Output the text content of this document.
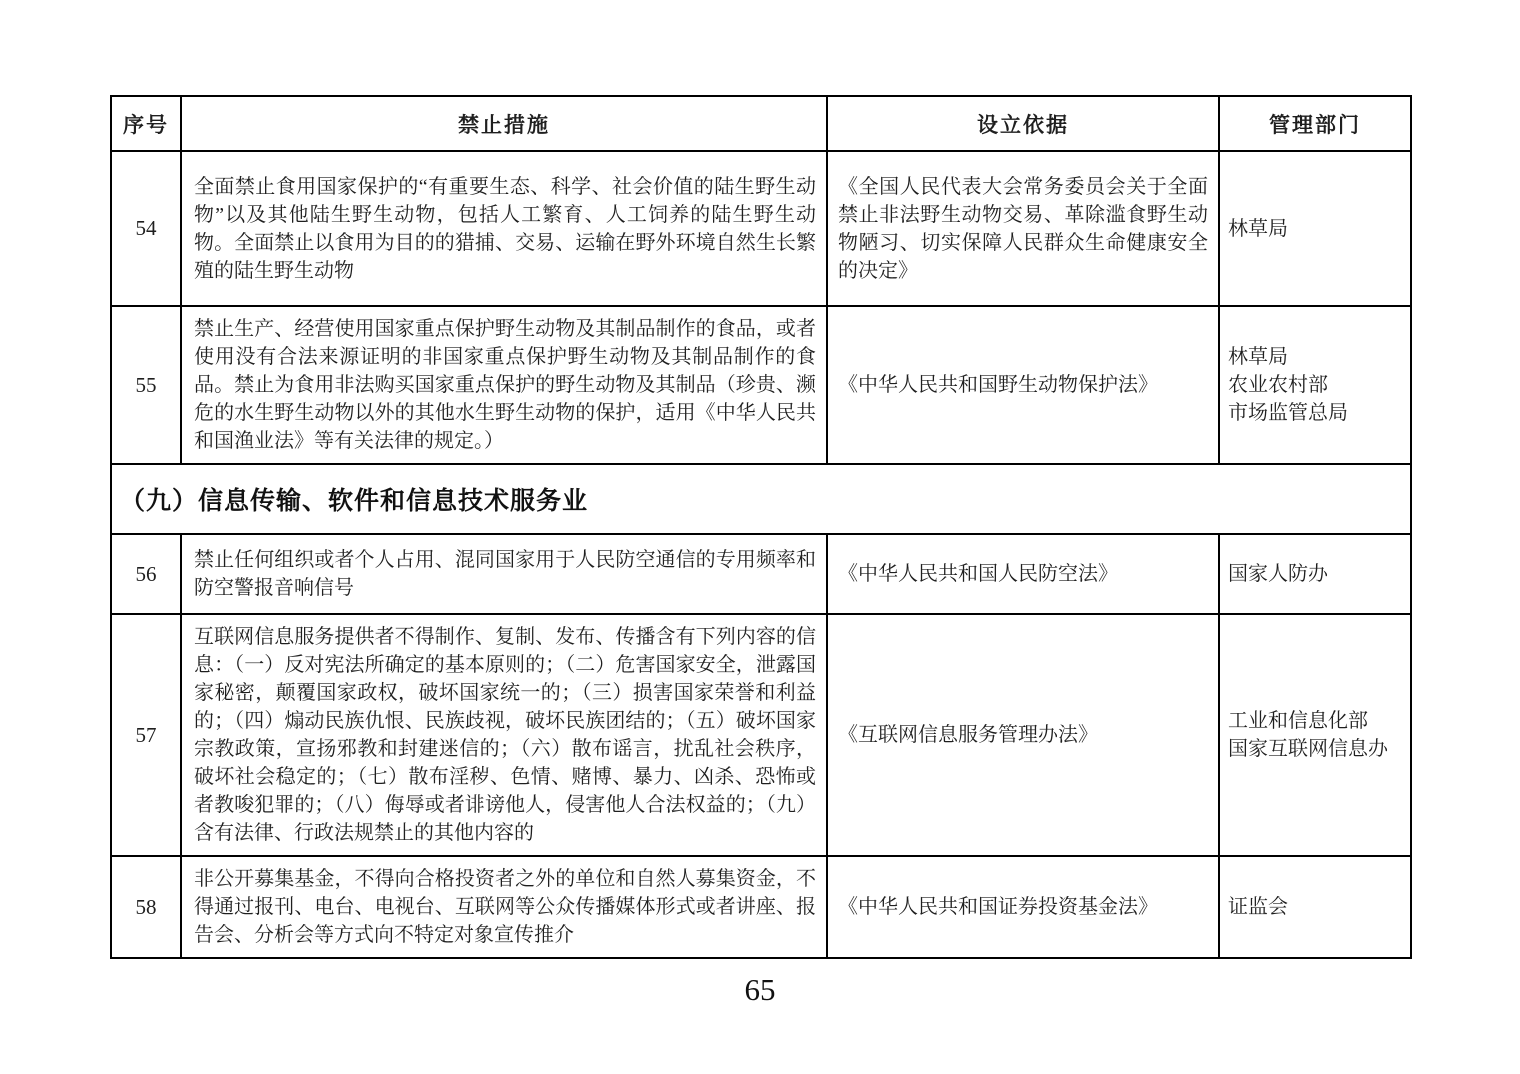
序号	禁止措施	设立依据	管理部门
54	全面禁止食用国家保护的“有重要生态、科学、社会价值的陆生野生动物”以及其他陆生野生动物，包括人工繁育、人工饲养的陆生野生动物。全面禁止以食用为目的的猎捕、交易、运输在野外环境自然生长繁殖的陆生野生动物	《全国人民代表大会常务委员会关于全面禁止非法野生动物交易、革除滥食野生动物陋习、切实保障人民群众生命健康安全的决定》	林草局

55	禁止生产、经营使用国家重点保护野生动物及其制品制作的食品，或者使用没有合法来源证明的非国家重点保护野生动物及其制品制作的食品。禁止为食用非法购买国家重点保护的野生动物及其制品（珍贵、濒危的水生野生动物以外的其他水生野生动物的保护，适用《中华人民共和国渔业法》等有关法律的规定。）	《中华人民共和国野生动物保护法》	林草局
农业农村部
市场监管总局

（九）信息传输、软件和信息技术服务业			
56	禁止任何组织或者个人占用、混同国家用于人民防空通信的专用频率和防空警报音响信号	《中华人民共和国人民防空法》	国家人防办

57	互联网信息服务提供者不得制作、复制、发布、传播含有下列内容的信息：（一）反对宪法所确定的基本原则的；（二）危害国家安全，泄露国家秘密，颠覆国家政权，破坏国家统一的；（三）损害国家荣誉和利益的；（四）煽动民族仇恨、民族歧视，破坏民族团结的；（五）破坏国家宗教政策，宣扬邪教和封建迷信的；（六）散布谣言，扰乱社会秩序，破坏社会稳定的；（七）散布淫秽、色情、赌博、暴力、凶杀、恐怖或者教唆犯罪的；（八）侮辱或者诽谤他人，侵害他人合法权益的；（九）含有法律、行政法规禁止的其他内容的	《互联网信息服务管理办法》	工业和信息化部
国家互联网信息办

58	非公开募集基金，不得向合格投资者之外的单位和自然人募集资金，不得通过报刊、电台、电视台、互联网等公众传播媒体形式或者讲座、报告会、分析会等方式向不特定对象宣传推介	《中华人民共和国证券投资基金法》	证监会
65
